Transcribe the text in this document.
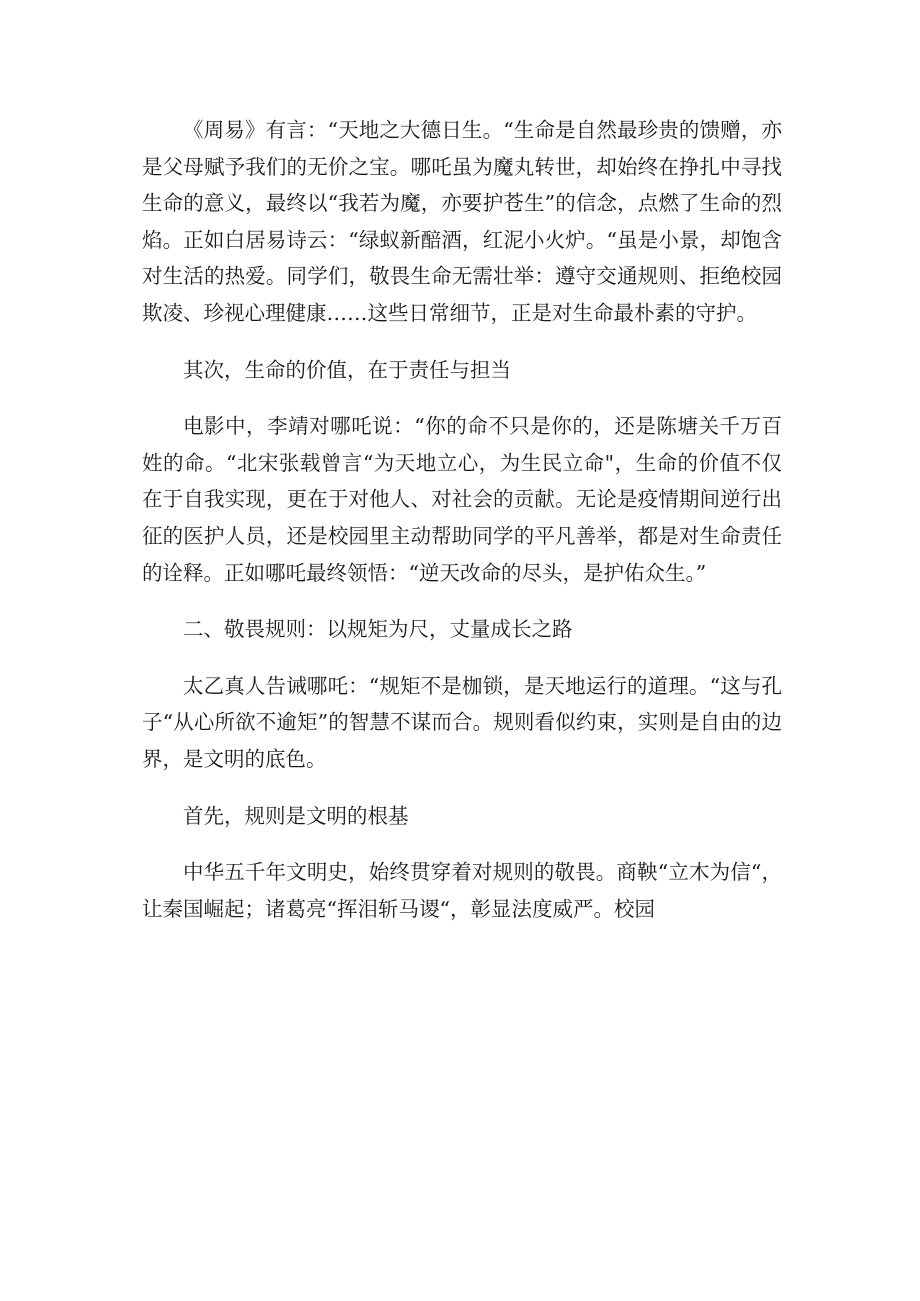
《周易》有言：“天地之大德日生。“生命是自然最珍贵的馈赠，亦是父母赋予我们的无价之宝。哪吒虽为魔丸转世，却始终在挣扎中寻找生命的意义，最终以“我若为魔，亦要护苍生”的信念，点燃了生命的烈焰。正如白居易诗云：“绿蚁新醅酒，红泥小火炉。“虽是小景，却饱含对生活的热爱。同学们，敬畏生命无需壮举：遵守交通规则、拒绝校园欺凌、珍视心理健康……这些日常细节，正是对生命最朴素的守护。

其次，生命的价值，在于责任与担当

电影中，李靖对哪吒说：“你的命不只是你的，还是陈塘关千万百姓的命。“北宋张载曾言“为天地立心，为生民立命"，生命的价值不仅在于自我实现，更在于对他人、对社会的贡献。无论是疫情期间逆行出征的医护人员，还是校园里主动帮助同学的平凡善举，都是对生命责任的诠释。正如哪吒最终领悟：“逆天改命的尽头，是护佑众生。”

二、敬畏规则：以规矩为尺，丈量成长之路

太乙真人告诫哪吒：“规矩不是枷锁，是天地运行的道理。“这与孔子“从心所欲不逾矩”的智慧不谋而合。规则看似约束，实则是自由的边界，是文明的底色。

首先，规则是文明的根基

中华五千年文明史，始终贯穿着对规则的敬畏。商鞅“立木为信“，让秦国崛起；诸葛亮“挥泪斩马谡“，彰显法度威严。校园
